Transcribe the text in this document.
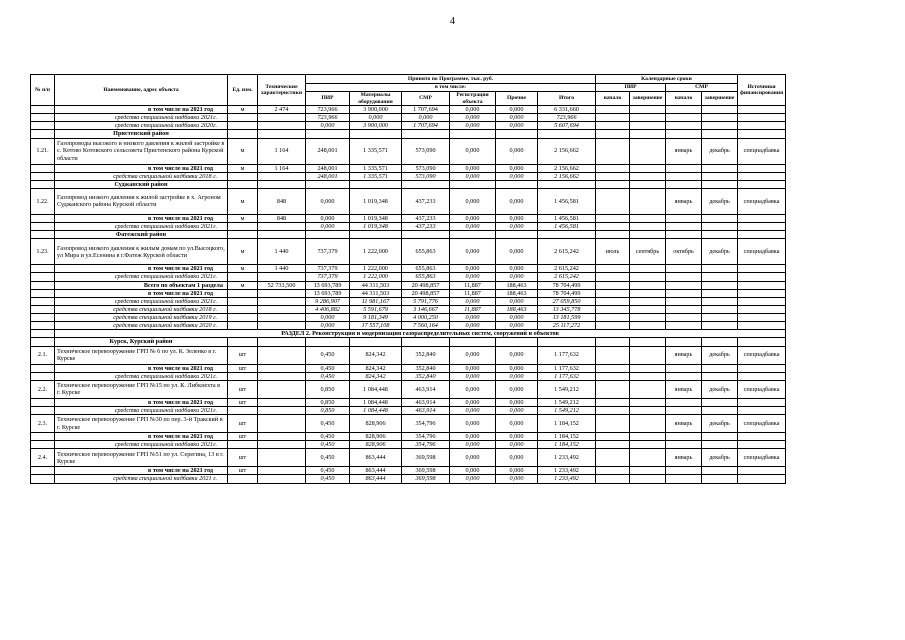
4
№ п/п	Наименование, адрес объекта	Ед. изм.	Технические характеристики	Принято по Программе, тыс. руб.						Календарные сроки				Источники финансирования
				в том числе:						ПИР		СМР		
				ПИР	Материалы оборудования	СМР	Регистрация объекта	Прочие	Итого	начало	завершение	начало	завершение	
	в том числе на 2021 год	м	2 474	723,966	3 900,000	1 707,694	0,000	0,000	6 331,660					
	средства специальной надбавки 2021г.			723,966	0,000	0,000	0,000	0,000	723,966					
	средства специальной надбавки 2020г.			0,000	3 900,000	1 707,694	0,000	0,000	5 607,694					
	Пристенский район													
1.21.	Газопроводы высокого и низкого давления к жилой застройке в с. Котово Котовского сельсовета Пристенского района Курской области	м	1 164	248,001	1 335,571	573,090	0,000	0,000	2 156,662			январь	декабрь	спецнадбавка
	в том числе на 2021 год	м	1 164	248,001	1 335,571	573,090	0,000	0,000	2 156,662					
	средства специальной надбавки 2018 г.			248,001	1 335,571	573,090	0,000	0,000	2 156,662					
	Суджанский район													
1.22.	Газопровод низкого давления к жилой застройке в х. Агроном Суджанского района Курской области	м	848	0,000	1 019,348	437,233	0,000	0,000	1 456,581			январь	декабрь	спецнадбавка
	в том числе на 2021 год	м	848	0,000	1 019,348	437,233	0,000	0,000	1 456,581					
	средства специальной надбавки 2021г.			0,000	1 019,348	437,233	0,000	0,000	1 456,581					
	Фатежский район													
1.23.	Газопровод низкого давления к жилым домам по ул.Высоцкого, ул Мира и ул.Есенина в г.Фатеж Курской области	м	1 440	737,379	1 222,000	655,863	0,000	0,000	2 615,242	июль	сентябрь	октябрь	декабрь	спецнадбавка
	в том числе на 2021 год	м	1 440	737,379	1 222,000	655,863	0,000	0,000	2 615,242					
	средства специальной надбавки 2021г.			737,379	1 222,000	655,863	0,000	0,000	2 615,242					
	Всего по объектам 1 раздела	м	52 733,500	13 693,789	44 311,503	20 498,857	11,887	188,463	78 704,499					
	в том числе на 2021 год			13 693,789	44 311,503	20 498,857	11,887	188,463	78 704,499					
	средства специальной надбавки 2021г.			9 286,907	11 981,167	5 791,776	0,000	0,000	27 059,850					
	средства специальной надбавки 2018 г.			4 406,882	5 591,679	3 146,667	11,887	188,463	13 345,778					
	средства специальной надбавки 2019 г.			0,000	9 181,349	4 000,250	0,000	0,000	13 181,599					
	средства специальной надбавки 2020 г.			0,000	17 557,108	7 560,164	0,000	0,000	25 117,272					
	РАЗДЕЛ 2. Реконструкция и модернизация газораспределительных систем, сооружений и объектов													
	Курск, Курский район													
2.1.	Техническое перевооружение ГРП № 6 по ул. К. Зеленко в г. Курске	шт		0,450	824,342	352,840	0,000	0,000	1 177,632			январь	декабрь	спецнадбавка
	в том числе на 2021 год	шт		0,450	824,342	352,840	0,000	0,000	1 177,632					
	средства специальной надбавки 2021г.			0,450	824,342	352,840	0,000	0,000	1 177,632					
2.2.	Техническое перевооружение ГРП №15 по ул. К. Либкнехта в г. Курске	шт		0,850	1 084,448	463,914	0,000	0,000	1 549,212			январь	декабрь	спецнадбавка
	в том числе на 2021 год	шт		0,850	1 084,448	463,914	0,000	0,000	1 549,212					
	средства специальной надбавки 2021г.			0,850	1 084,448	463,914	0,000	0,000	1 549,212					
2.3.	Техническое перевооружение ГРП №30 по пер. 3-й Тракский в г. Курске	шт		0,450	828,906	354,796	0,000	0,000	1 184,152			январь	декабрь	спецнадбавка
	в том числе на 2021 год	шт		0,450	828,906	354,796	0,000	0,000	1 184,152					
	средства специальной надбавки 2021г.			0,450	828,906	354,796	0,000	0,000	1 184,152					
2.4.	Техническое перевооружение ГРП №51 по ул. Серегина, 13 в г. Курске	шт		0,450	863,444	369,598	0,000	0,000	1 233,492			январь	декабрь	спецнадбавка
	в том числе на 2021 год	шт		0,450	863,444	369,598	0,000	0,000	1 233,492					
	средства специальной надбавки 2021 г.			0,450	863,444	369,598	0,000	0,000	1 233,492					
